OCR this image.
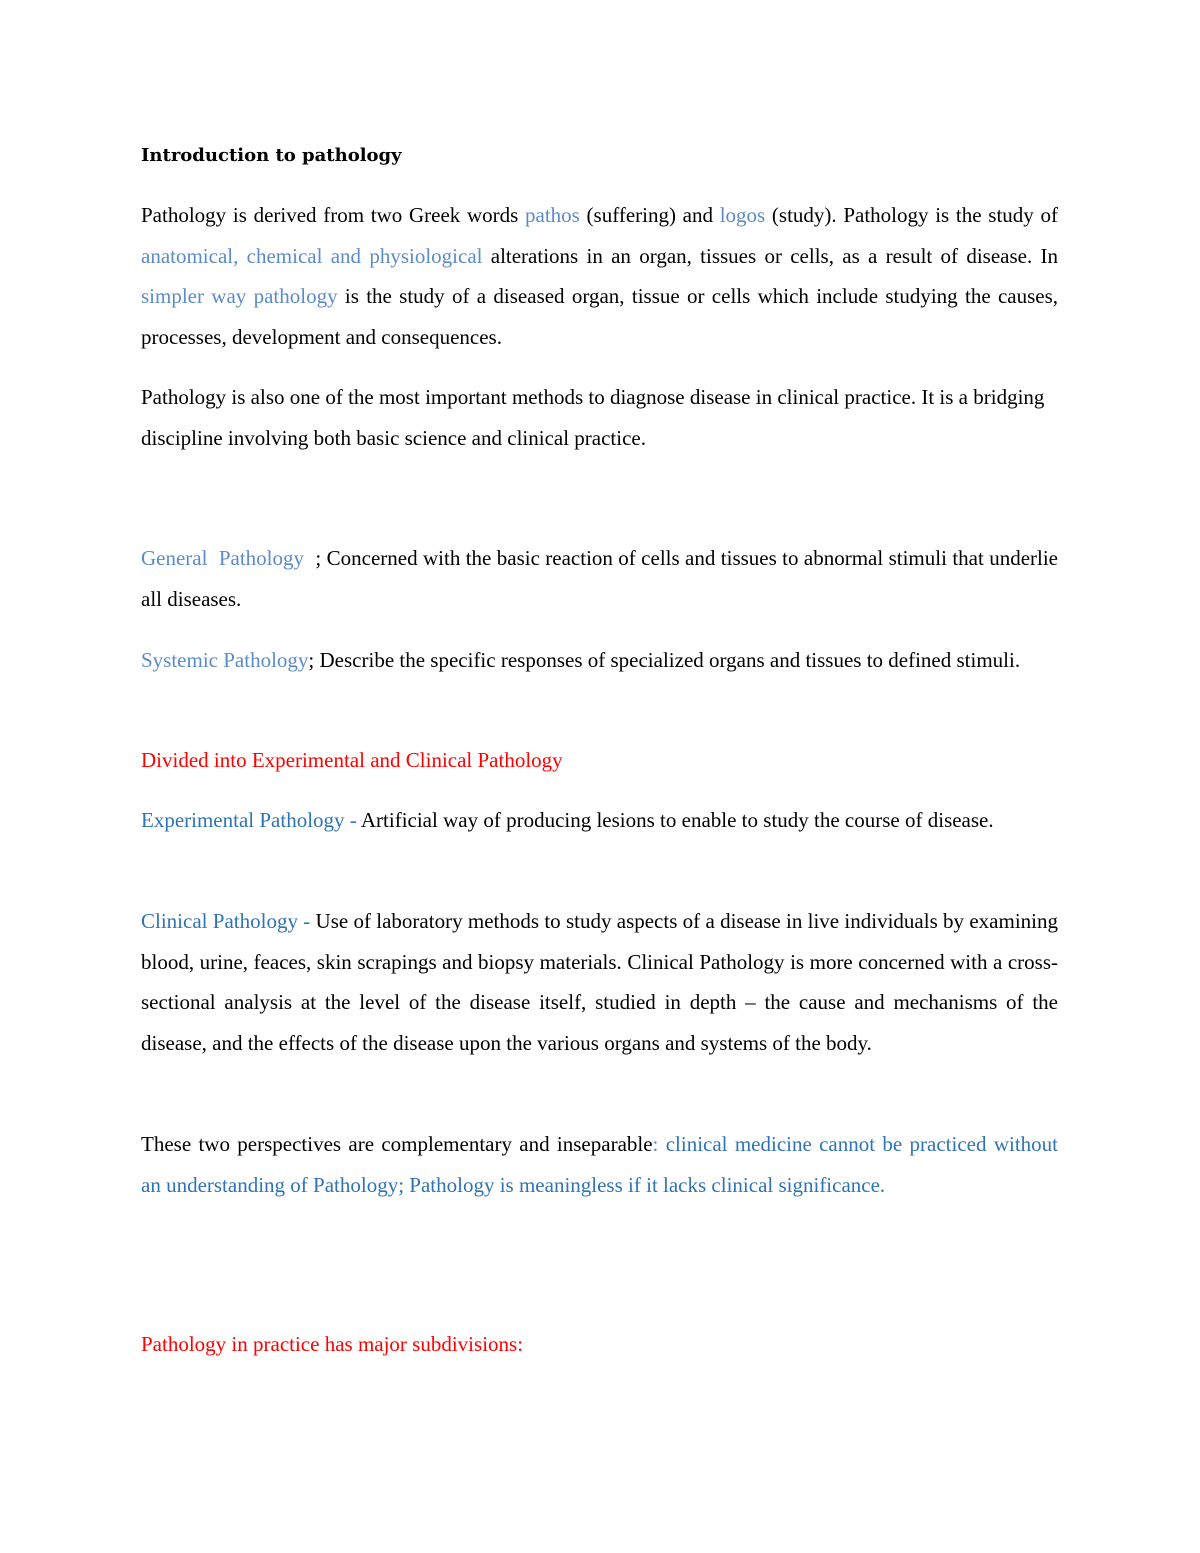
Introduction to pathology

Pathology is derived from two Greek words pathos (suffering) and logos (study). Pathology is the study of anatomical, chemical and physiological alterations in an organ, tissues or cells, as a result of disease. In simpler way pathology is the study of a diseased organ, tissue or cells which include studying the causes, processes, development and consequences.

Pathology is also one of the most important methods to diagnose disease in clinical practice. It is a bridging discipline involving both basic science and clinical practice.

General Pathology ; Concerned with the basic reaction of cells and tissues to abnormal stimuli that underlie all diseases.

Systemic Pathology; Describe the specific responses of specialized organs and tissues to defined stimuli.

Divided into Experimental and Clinical Pathology

Experimental Pathology - Artificial way of producing lesions to enable to study the course of disease.

Clinical Pathology - Use of laboratory methods to study aspects of a disease in live individuals by examining blood, urine, feaces, skin scrapings and biopsy materials. Clinical Pathology is more concerned with a cross-sectional analysis at the level of the disease itself, studied in depth – the cause and mechanisms of the disease, and the effects of the disease upon the various organs and systems of the body.

These two perspectives are complementary and inseparable: clinical medicine cannot be practiced without an understanding of Pathology; Pathology is meaningless if it lacks clinical significance.

Pathology in practice has major subdivisions:
